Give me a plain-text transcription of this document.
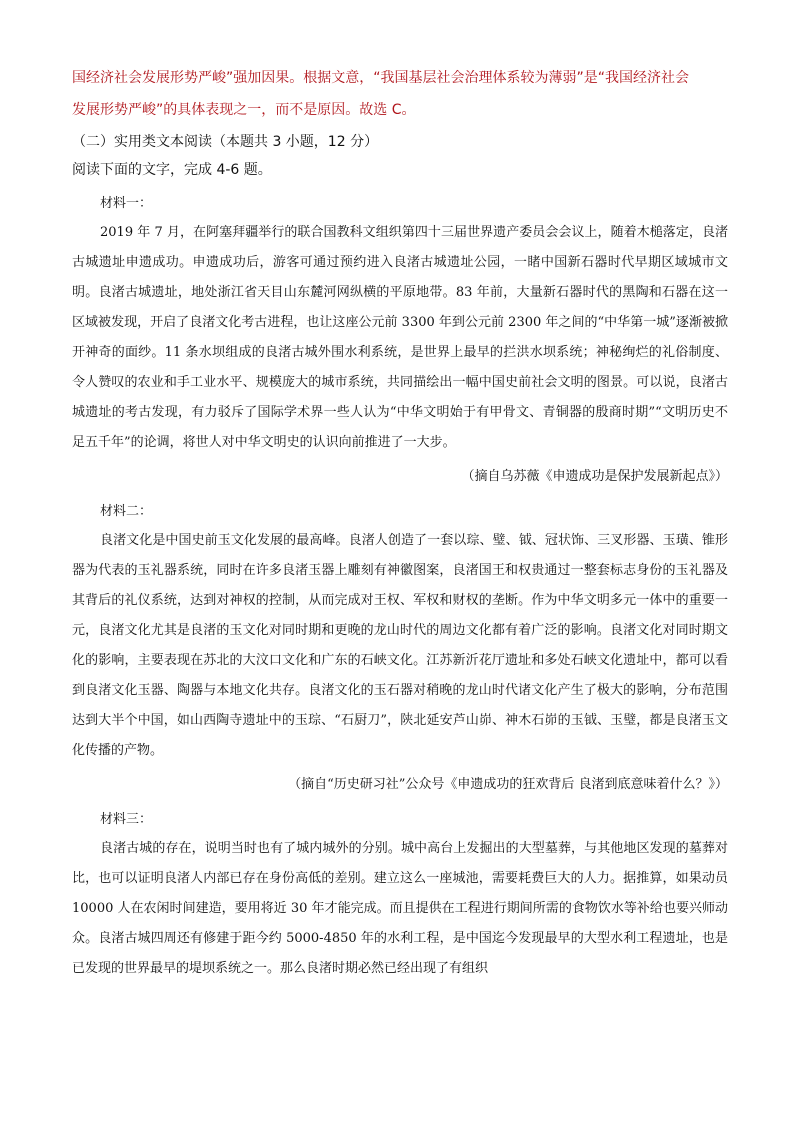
国经济社会发展形势严峻”强加因果。根据文意，“我国基层社会治理体系较为薄弱”是“我国经济社会

发展形势严峻”的具体表现之一，而不是原因。故选 C。

（二）实用类文本阅读（本题共 3 小题，12 分）

阅读下面的文字，完成 4-6 题。

材料一：

2019 年 7 月，在阿塞拜疆举行的联合国教科文组织第四十三届世界遗产委员会会议上，随着木槌落定，良渚古城遗址申遗成功。申遗成功后，游客可通过预约进入良渚古城遗址公园，一睹中国新石器时代早期区域城市文明。良渚古城遗址，地处浙江省天目山东麓河网纵横的平原地带。83 年前，大量新石器时代的黑陶和石器在这一区域被发现，开启了良渚文化考古进程，也让这座公元前 3300 年到公元前 2300 年之间的“中华第一城”逐渐被掀开神奇的面纱。11 条水坝组成的良渚古城外围水利系统，是世界上最早的拦洪水坝系统；神秘绚烂的礼俗制度、令人赞叹的农业和手工业水平、规模庞大的城市系统，共同描绘出一幅中国史前社会文明的图景。可以说，良渚古城遗址的考古发现，有力驳斥了国际学术界一些人认为“中华文明始于有甲骨文、青铜器的殷商时期”“文明历史不足五千年”的论调，将世人对中华文明史的认识向前推进了一大步。

（摘自乌苏薇《申遗成功是保护发展新起点》）

材料二：

良渚文化是中国史前玉文化发展的最高峰。良渚人创造了一套以琮、璧、钺、冠状饰、三叉形器、玉璜、锥形器为代表的玉礼器系统，同时在许多良渚玉器上雕刻有神徽图案，良渚国王和权贵通过一整套标志身份的玉礼器及其背后的礼仪系统，达到对神权的控制，从而完成对王权、军权和财权的垄断。作为中华文明多元一体中的重要一元，良渚文化尤其是良渚的玉文化对同时期和更晚的龙山时代的周边文化都有着广泛的影响。良渚文化对同时期文化的影响，主要表现在苏北的大汶口文化和广东的石峡文化。江苏新沂花厅遗址和多处石峡文化遗址中，都可以看到良渚文化玉器、陶器与本地文化共存。良渚文化的玉石器对稍晚的龙山时代诸文化产生了极大的影响，分布范围达到大半个中国，如山西陶寺遗址中的玉琮、“石厨刀”，陕北延安芦山峁、神木石峁的玉钺、玉璧，都是良渚玉文化传播的产物。

（摘自“历史研习社”公众号《申遗成功的狂欢背后 良渚到底意味着什么？》）

材料三：

良渚古城的存在，说明当时也有了城内城外的分别。城中高台上发掘出的大型墓葬，与其他地区发现的墓葬对比，也可以证明良渚人内部已存在身份高低的差别。建立这么一座城池，需要耗费巨大的人力。据推算，如果动员 10000 人在农闲时间建造，要用将近 30 年才能完成。而且提供在工程进行期间所需的食物饮水等补给也要兴师动众。良渚古城四周还有修建于距今约 5000-4850 年的水利工程，是中国迄今发现最早的大型水利工程遗址，也是已发现的世界最早的堤坝系统之一。那么良渚时期必然已经出现了有组织
